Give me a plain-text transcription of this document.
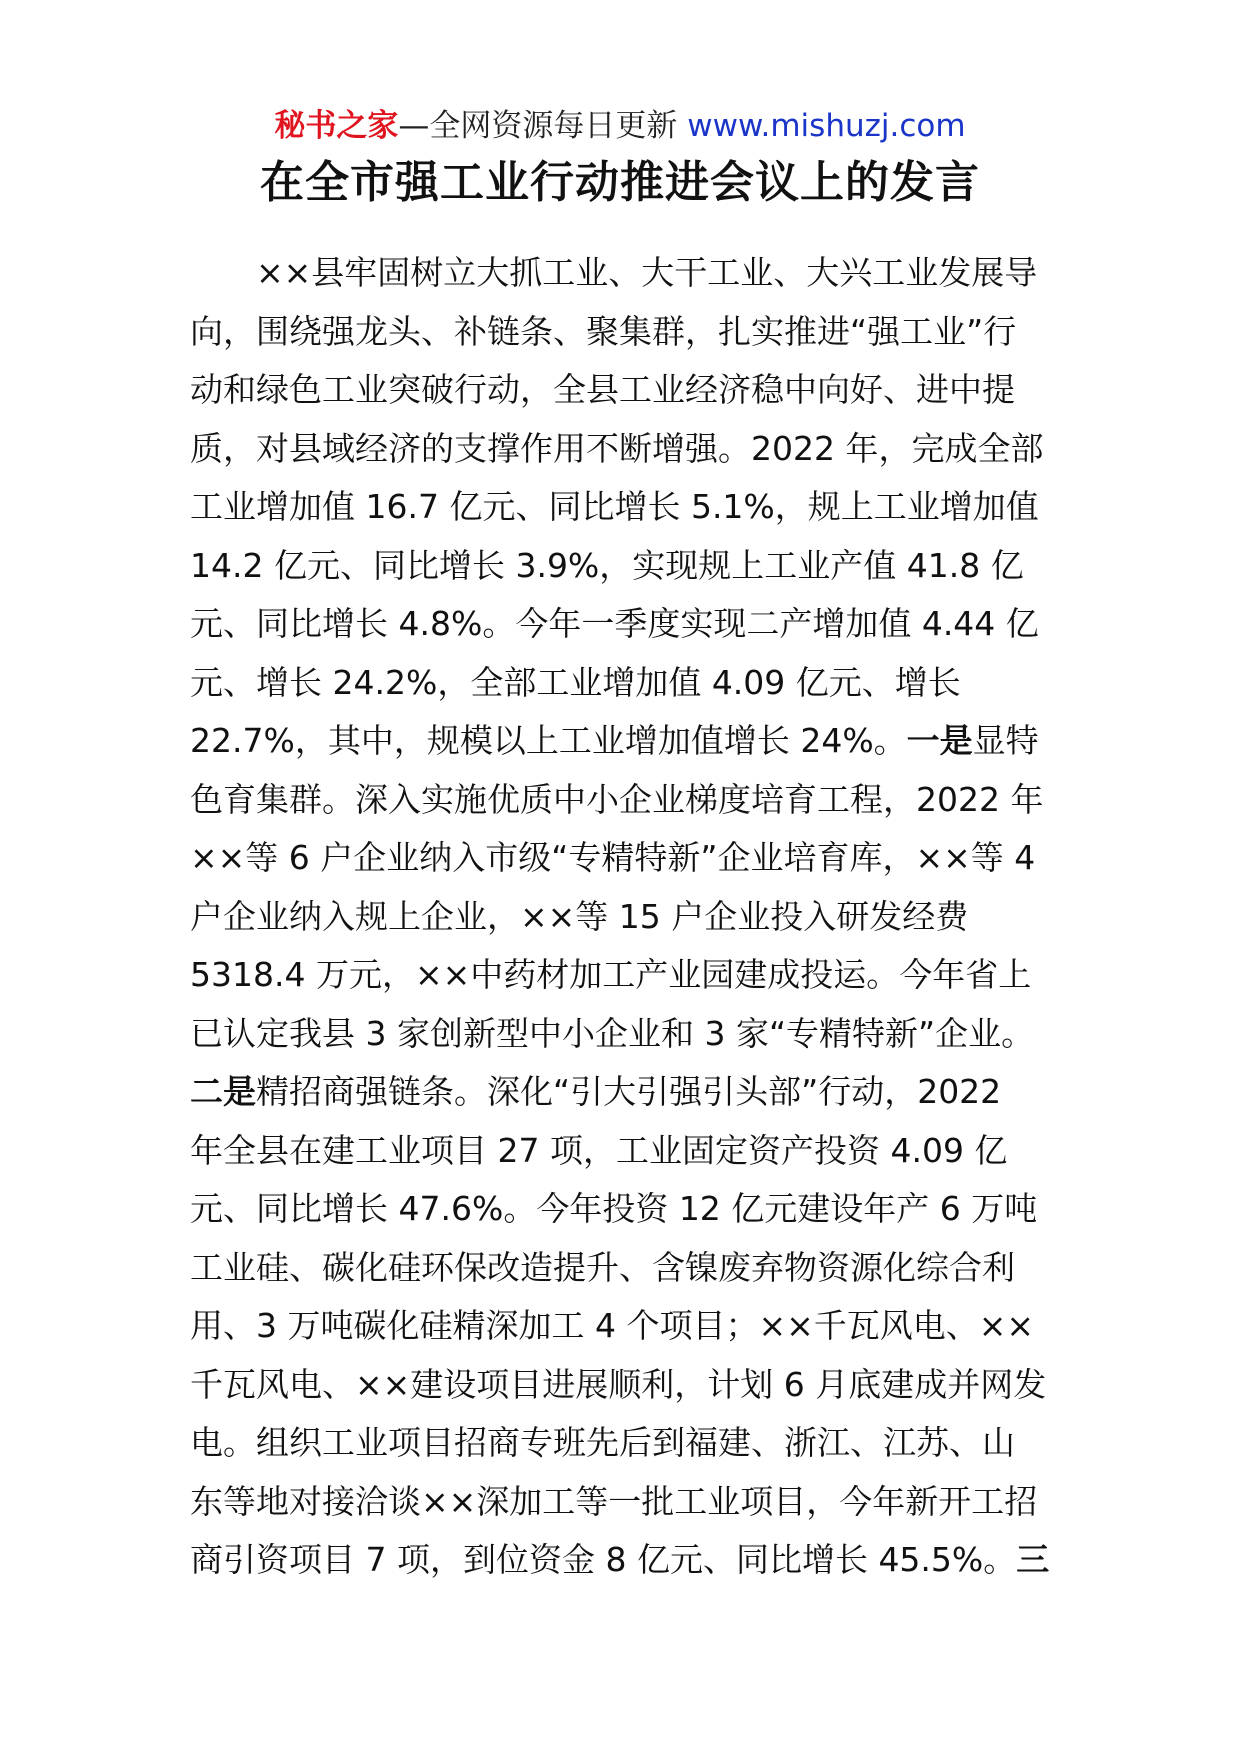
秘书之家—全网资源每日更新 www.mishuzj.com
在全市强工业行动推进会议上的发言
　　××县牢固树立大抓工业、大干工业、大兴工业发展导
向，围绕强龙头、补链条、聚集群，扎实推进“强工业”行
动和绿色工业突破行动，全县工业经济稳中向好、进中提
质，对县域经济的支撑作用不断增强。2022 年，完成全部
工业增加值 16.7 亿元、同比增长 5.1%，规上工业增加值
14.2 亿元、同比增长 3.9%，实现规上工业产值 41.8 亿
元、同比增长 4.8%。今年一季度实现二产增加值 4.44 亿
元、增长 24.2%，全部工业增加值 4.09 亿元、增长
22.7%，其中，规模以上工业增加值增长 24%。一是显特
色育集群。深入实施优质中小企业梯度培育工程，2022 年
××等 6 户企业纳入市级“专精特新”企业培育库，××等 4
户企业纳入规上企业，××等 15 户企业投入研发经费
5318.4 万元，××中药材加工产业园建成投运。今年省上
已认定我县 3 家创新型中小企业和 3 家“专精特新”企业。
二是精招商强链条。深化“引大引强引头部”行动，2022
年全县在建工业项目 27 项，工业固定资产投资 4.09 亿
元、同比增长 47.6%。今年投资 12 亿元建设年产 6 万吨
工业硅、碳化硅环保改造提升、含镍废弃物资源化综合利
用、3 万吨碳化硅精深加工 4 个项目；××千瓦风电、××
千瓦风电、××建设项目进展顺利，计划 6 月底建成并网发
电。组织工业项目招商专班先后到福建、浙江、江苏、山
东等地对接洽谈××深加工等一批工业项目，今年新开工招
商引资项目 7 项，到位资金 8 亿元、同比增长 45.5%。三
